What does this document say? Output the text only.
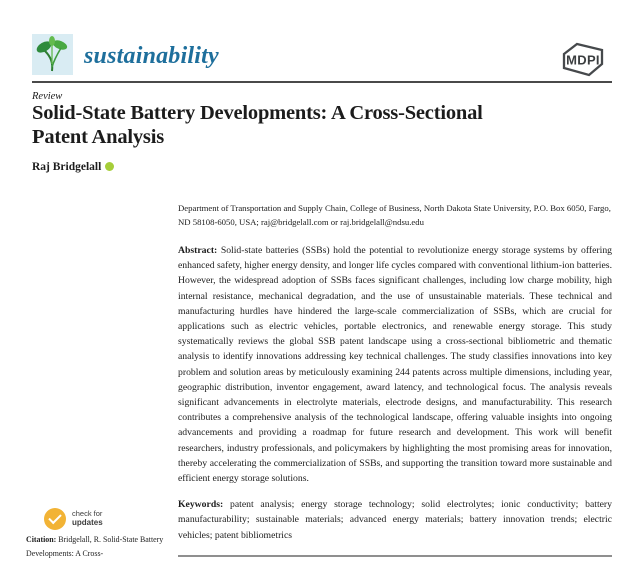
sustainability	MDPI
Review
Solid-State Battery Developments: A Cross-Sectional Patent Analysis
Raj Bridgelall

Department of Transportation and Supply Chain, College of Business, North Dakota State University, P.O. Box 6050, Fargo, ND 58108-6050, USA; raj@bridgelall.com or raj.bridgelall@ndsu.edu

Abstract: Solid-state batteries (SSBs) hold the potential to revolutionize energy storage systems by offering enhanced safety, higher energy density, and longer life cycles compared with conventional lithium-ion batteries. However, the widespread adoption of SSBs faces significant challenges, including low charge mobility, high internal resistance, mechanical degradation, and the use of unsustainable materials. These technical and manufacturing hurdles have hindered the large-scale commercialization of SSBs, which are crucial for applications such as electric vehicles, portable electronics, and renewable energy storage. This study systematically reviews the global SSB patent landscape using a cross-sectional bibliometric and thematic analysis to identify innovations addressing key technical challenges. The study classifies innovations into key problem and solution areas by meticulously examining 244 patents across multiple dimensions, including year, geographic distribution, inventor engagement, award latency, and technological focus. The analysis reveals significant advancements in electrolyte materials, electrode designs, and manufacturability. This research contributes a comprehensive analysis of the technological landscape, offering valuable insights into ongoing advancements and providing a roadmap for future research and development. This work will benefit researchers, industry professionals, and policymakers by highlighting the most promising areas for innovation, thereby accelerating the commercialization of SSBs, and supporting the transition toward more sustainable and efficient energy storage solutions.

Keywords: patent analysis; energy storage technology; solid electrolytes; ionic conductivity; battery manufacturability; sustainable materials; advanced energy materials; battery innovation trends; electric vehicles; patent bibliometrics

check for
updates
Citation: Bridgelall, R. Solid-State Battery Developments: A Cross-
